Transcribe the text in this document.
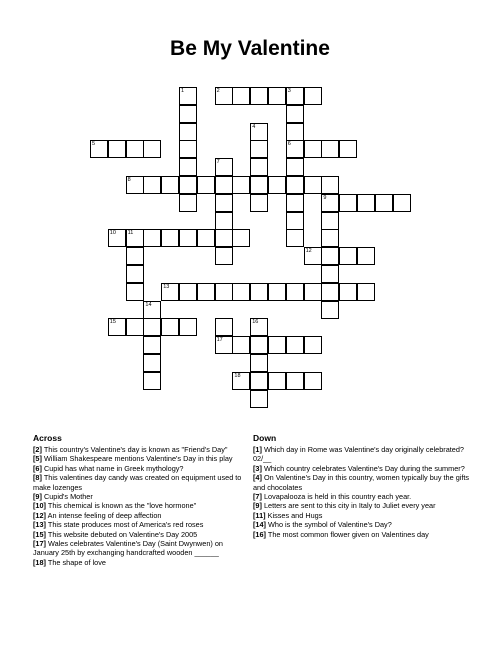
Be My Valentine
2	3
5	6
8
9
10 11
12
13
15
17
18
1
4
7
14
16
Across

[2] This country's Valentine's day is known as "Friend's Day"

[5] William Shakespeare mentions Valentine's Day in this play

[6] Cupid has what name in Greek mythology?

[8] This valentines day candy was created on equipment used to make lozenges

[9] Cupid's Mother

[10] This chemical is known as the "love hormone"

[12] An intense feeling of deep affection

[13] This state produces most of America's red roses

[15] This website debuted on Valentine's Day 2005

[17] Wales celebrates Valentine's Day (Saint Dwynwen) on January 25th by exchanging handcrafted wooden ______

[18] The shape of love

Down

[1] Which day in Rome was Valentine's day originally celebrated? 02/__

[3] Which country celebrates Valentine's Day during the summer?

[4] On Valentine's Day in this country, women typically buy the gifts and chocolates

[7] Lovapalooza is held in this country each year.

[9] Letters are sent to this city in Italy to Juliet every year

[11] Kisses and Hugs

[14] Who is the symbol of Valentine's Day?

[16] The most common flower given on Valentines day
